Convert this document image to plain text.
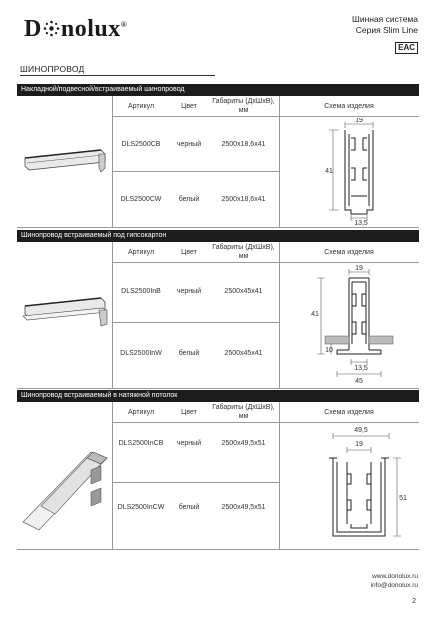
D nolux®
Шинная система
Серия Slim Line
EAC
ШИНОПРОВОД
Накладной/подвесной/встраиваемый шинопровод
Артикул	Цвет
Габариты (ДхШхВ),
мм
Схема изделия
DLS2500CB	черный	2500х18,6х41
DLS2500CW	белый	2500х18,6х41
19
41
13,5
Шинопровод встраиваемый под гипсокартон
Артикул	Цвет
Габариты (ДхШхВ),
мм
Схема изделия
DLS2500InB	черный	2500х45х41
DLS2500InW	белый	2500х45х41
19
41
10
13,5
45
Шинопровод встраиваемый в натяжной потолок
Артикул	Цвет
Габариты (ДхШхВ),
мм
Схема изделия
DLS2500InCB	черный	2500х49,5х51
DLS2500InCW	белый	2500х49,5х51
49,5
19
51
www.donolux.ru
info@donolux.ru
2
